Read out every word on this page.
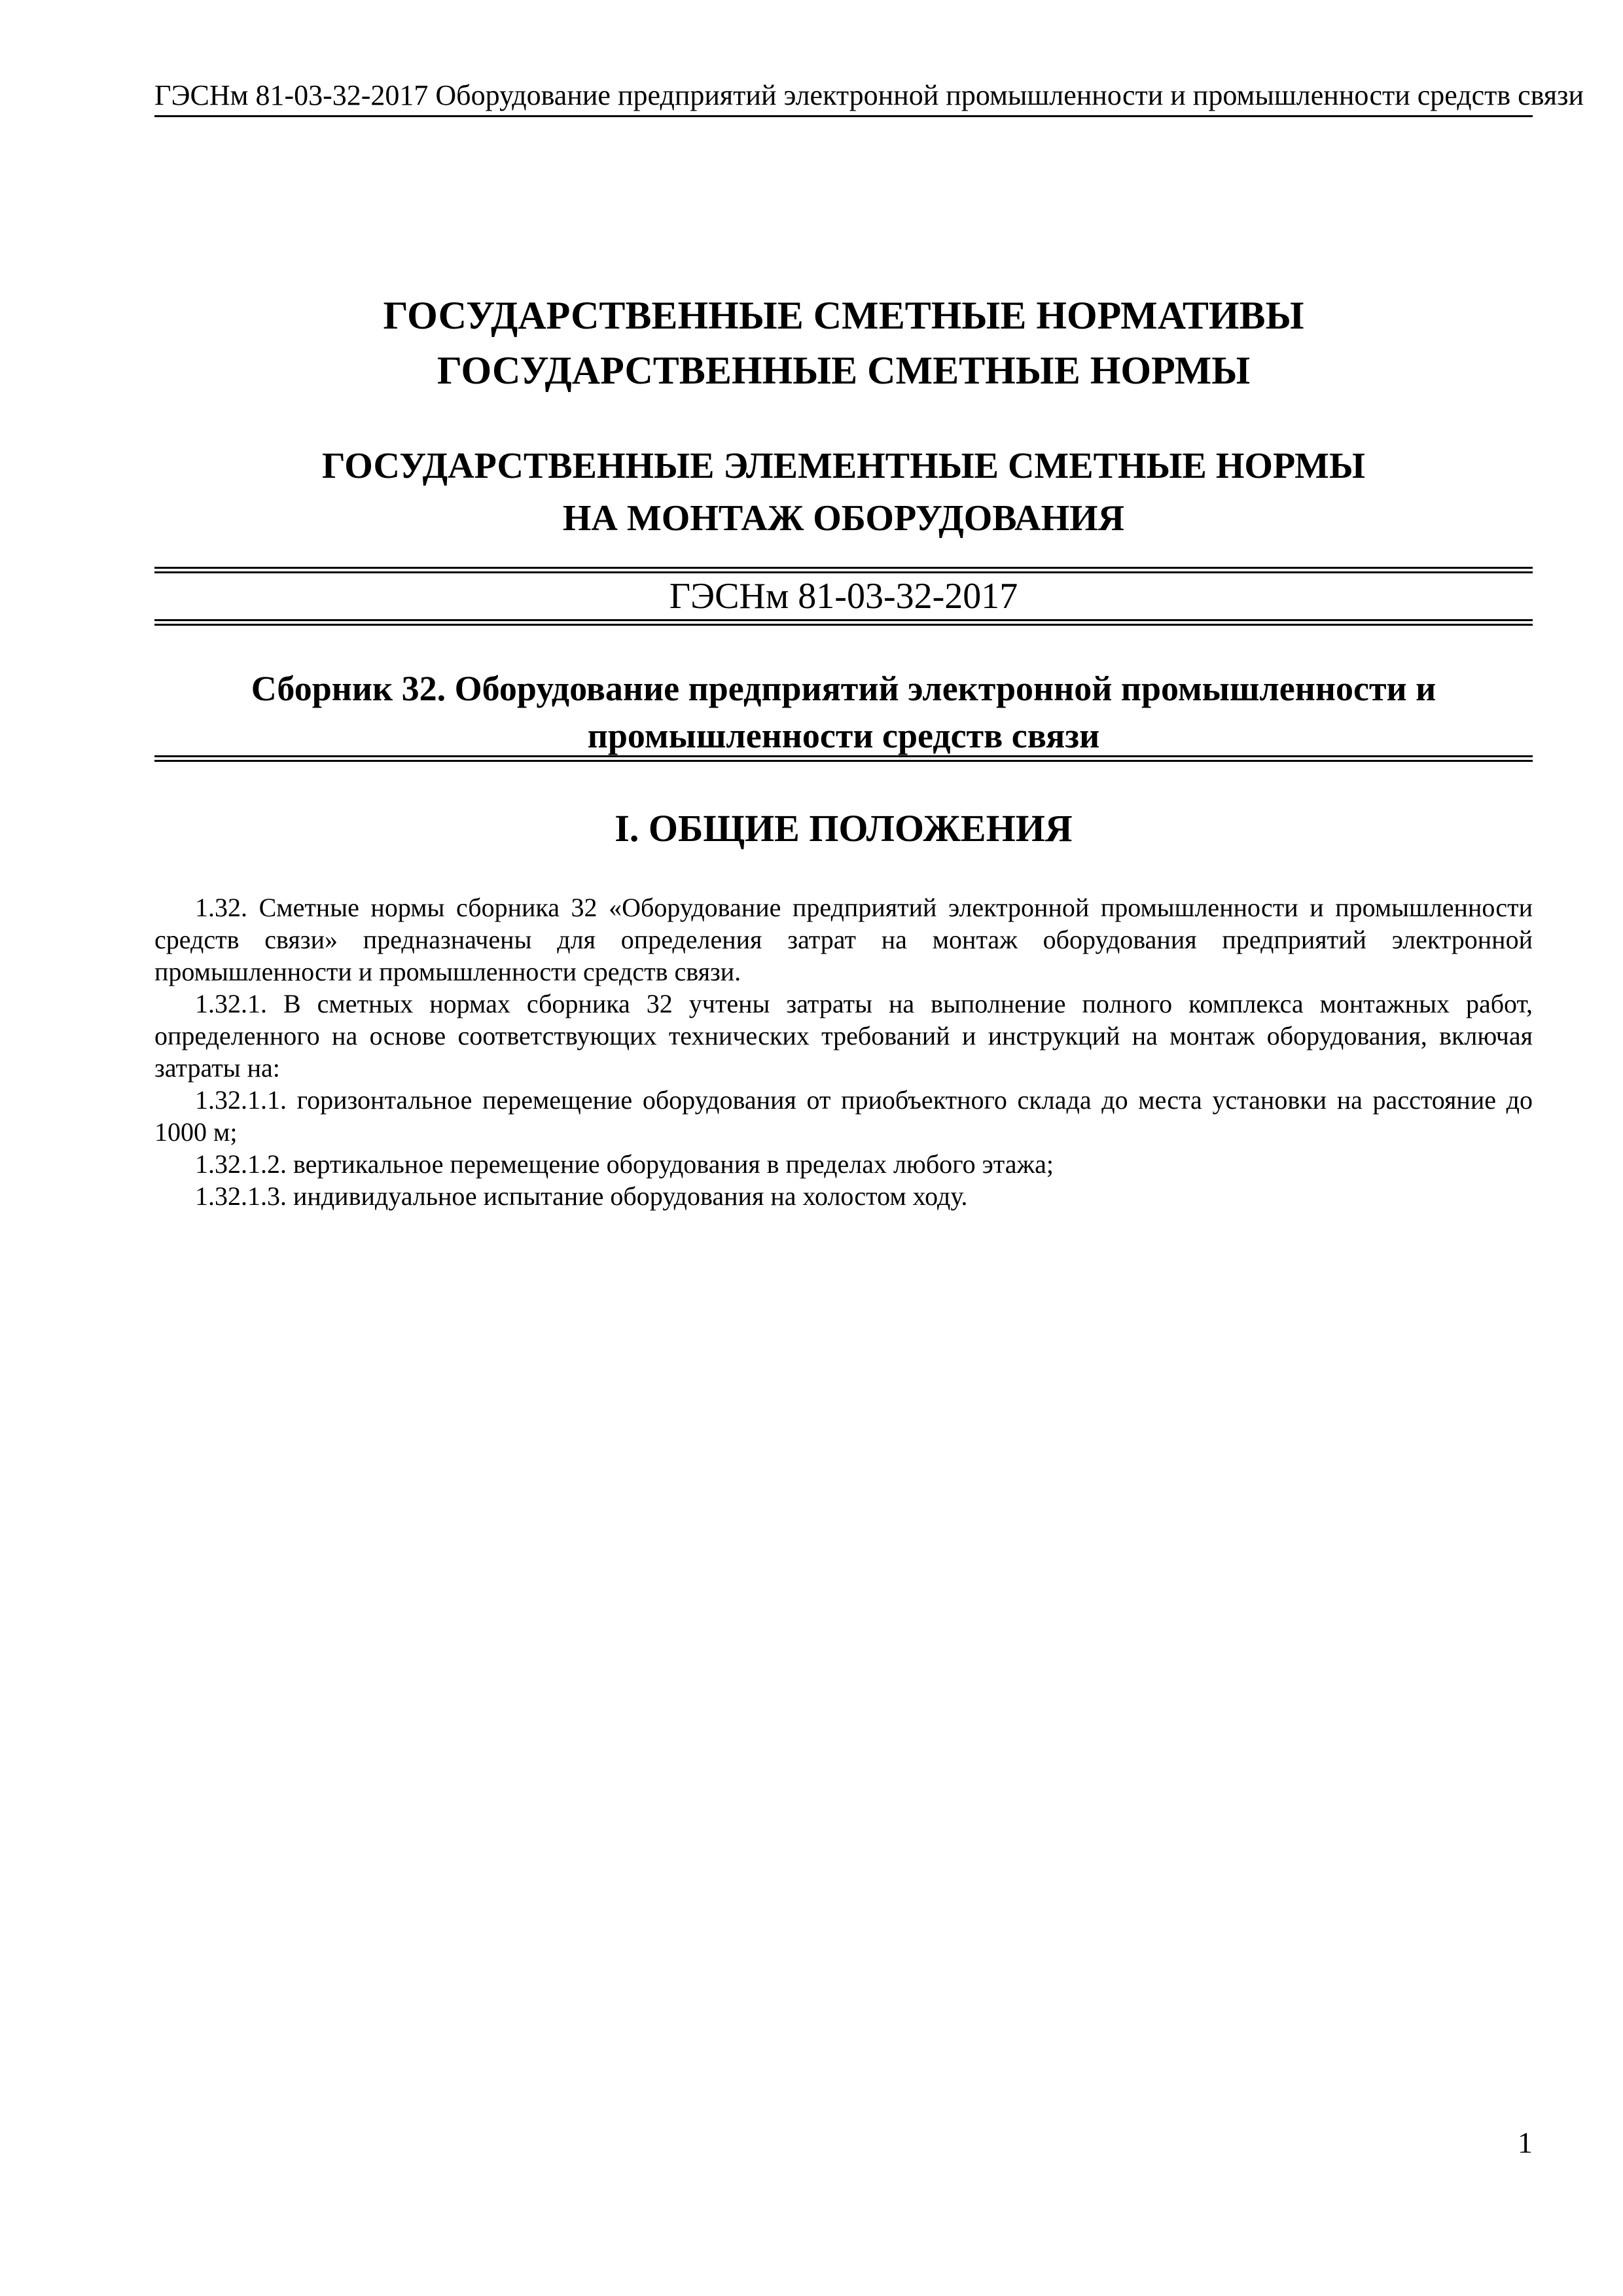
ГЭСНм 81-03-32-2017 Оборудование предприятий электронной промышленности и промышленности средств связи
ГОСУДАРСТВЕННЫЕ СМЕТНЫЕ НОРМАТИВЫ
ГОСУДАРСТВЕННЫЕ СМЕТНЫЕ НОРМЫ
ГОСУДАРСТВЕННЫЕ ЭЛЕМЕНТНЫЕ СМЕТНЫЕ НОРМЫ
НА МОНТАЖ ОБОРУДОВАНИЯ
ГЭСНм 81-03-32-2017
Сборник 32. Оборудование предприятий электронной промышленности и
промышленности средств связи
I. ОБЩИЕ ПОЛОЖЕНИЯ

1.32. Сметные нормы сборника 32 «Оборудование предприятий электронной промышленности и промышленности средств связи» предназначены для определения затрат на монтаж оборудования предприятий электронной промышленности и промышленности средств связи.

1.32.1. В сметных нормах сборника 32 учтены затраты на выполнение полного комплекса монтажных работ, определенного на основе соответствующих технических требований и инструкций на монтаж оборудования, включая затраты на:

1.32.1.1. горизонтальное перемещение оборудования от приобъектного склада до места установки на расстояние до 1000 м;

1.32.1.2. вертикальное перемещение оборудования в пределах любого этажа;

1.32.1.3. индивидуальное испытание оборудования на холостом ходу.

1
